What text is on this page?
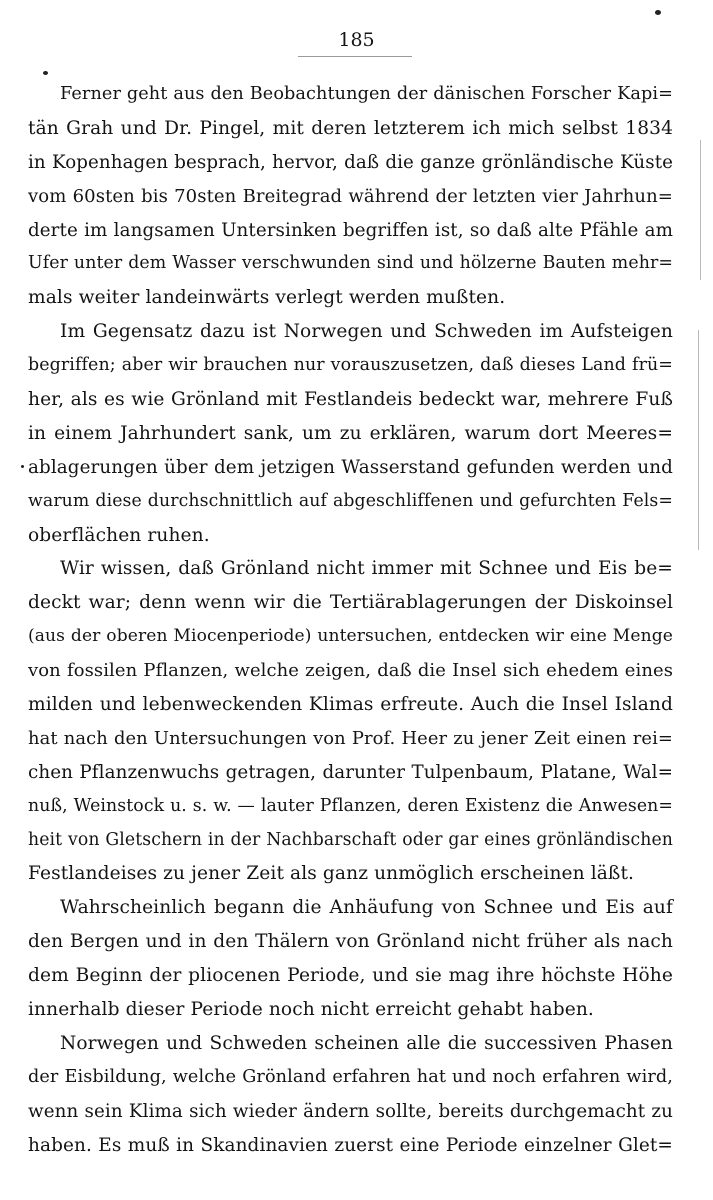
185
Ferner geht aus den Beobachtungen der dänischen Forscher Kapi=
tän Grah und Dr. Pingel, mit deren letzterem ich mich selbst 1834
in Kopenhagen besprach, hervor, daß die ganze grönländische Küste
vom 60sten bis 70sten Breitegrad während der letzten vier Jahrhun=
derte im langsamen Untersinken begriffen ist, so daß alte Pfähle am
Ufer unter dem Wasser verschwunden sind und hölzerne Bauten mehr=
mals weiter landeinwärts verlegt werden mußten.
Im Gegensatz dazu ist Norwegen und Schweden im Aufsteigen
begriffen; aber wir brauchen nur vorauszusetzen, daß dieses Land frü=
her, als es wie Grönland mit Festlandeis bedeckt war, mehrere Fuß
in einem Jahrhundert sank, um zu erklären, warum dort Meeres=
ablagerungen über dem jetzigen Wasserstand gefunden werden und
warum diese durchschnittlich auf abgeschliffenen und gefurchten Fels=
oberflächen ruhen.
Wir wissen, daß Grönland nicht immer mit Schnee und Eis be=
deckt war; denn wenn wir die Tertiärablagerungen der Diskoinsel
(aus der oberen Miocenperiode) untersuchen, entdecken wir eine Menge
von fossilen Pflanzen, welche zeigen, daß die Insel sich ehedem eines
milden und lebenweckenden Klimas erfreute. Auch die Insel Island
hat nach den Untersuchungen von Prof. Heer zu jener Zeit einen rei=
chen Pflanzenwuchs getragen, darunter Tulpenbaum, Platane, Wal=
nuß, Weinstock u. s. w. — lauter Pflanzen, deren Existenz die Anwesen=
heit von Gletschern in der Nachbarschaft oder gar eines grönländischen
Festlandeises zu jener Zeit als ganz unmöglich erscheinen läßt.
Wahrscheinlich begann die Anhäufung von Schnee und Eis auf
den Bergen und in den Thälern von Grönland nicht früher als nach
dem Beginn der pliocenen Periode, und sie mag ihre höchste Höhe
innerhalb dieser Periode noch nicht erreicht gehabt haben.
Norwegen und Schweden scheinen alle die successiven Phasen
der Eisbildung, welche Grönland erfahren hat und noch erfahren wird,
wenn sein Klima sich wieder ändern sollte, bereits durchgemacht zu
haben. Es muß in Skandinavien zuerst eine Periode einzelner Glet=
